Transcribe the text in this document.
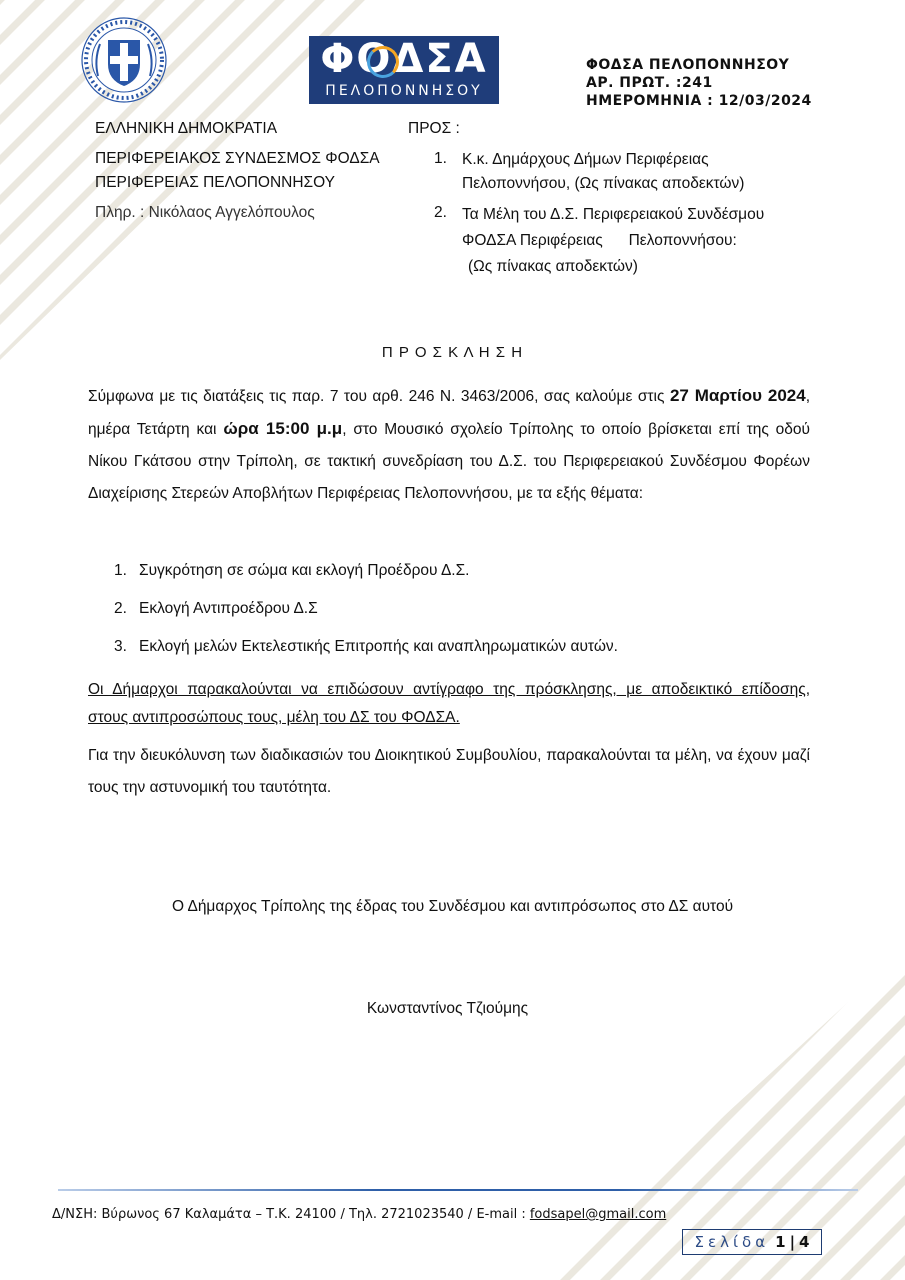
ΦΟΔΣΑ
ΠΕΛΟΠΟΝΝΗΣΟΥ
ΦΟΔΣΑ ΠΕΛΟΠΟΝΝΗΣΟΥ
ΑΡ. ΠΡΩΤ. :241
ΗΜΕΡΟΜΗΝΙΑ : 12/03/2024
ΕΛΛΗΝΙΚΗ ΔΗΜΟΚΡΑΤΙΑ
ΠΕΡΙΦΕΡΕΙΑΚΟΣ ΣΥΝΔΕΣΜΟΣ ΦΟΔΣΑ
ΠΕΡΙΦΕΡΕΙΑΣ ΠΕΛΟΠΟΝΝΗΣΟΥ
Πληρ. : Νικόλαος Αγγελόπουλος
ΠΡΟΣ :
1. Κ.κ. Δημάρχους Δήμων Περιφέρειας
Πελοποννήσου, (Ως πίνακας αποδεκτών)
2. Τα Μέλη του Δ.Σ. Περιφερειακού Συνδέσμου
ΦΟΔΣΑ Περιφέρειας      Πελοποννήσου:
(Ως πίνακας αποδεκτών)
Π Ρ Ο Σ Κ Λ Η Σ Η
Σύμφωνα με τις διατάξεις τις παρ. 7 του αρθ. 246 Ν. 3463/2006, σας καλούμε στις 27 Μαρτίου 2024, ημέρα Τετάρτη και ώρα 15:00 μ.μ, στο Μουσικό σχολείο Τρίπολης το οποίο βρίσκεται επί της οδού Νίκου Γκάτσου στην Τρίπολη, σε τακτική συνεδρίαση του Δ.Σ. του Περιφερειακού Συνδέσμου Φορέων Διαχείρισης Στερεών Αποβλήτων Περιφέρειας Πελοποννήσου, με τα εξής θέματα:
1. Συγκρότηση σε σώμα και εκλογή Προέδρου Δ.Σ.
2. Εκλογή Αντιπροέδρου Δ.Σ
3. Εκλογή μελών Εκτελεστικής Επιτροπής και αναπληρωματικών αυτών.
Οι Δήμαρχοι παρακαλούνται να επιδώσουν αντίγραφο της πρόσκλησης, με αποδεικτικό επίδοσης,
στους αντιπροσώπους τους, μέλη του ΔΣ του ΦΟΔΣΑ.
Για την διευκόλυνση των διαδικασιών του Διοικητικού Συμβουλίου, παρακαλούνται τα μέλη, να έχουν μαζί τους την αστυνομική του ταυτότητα.
Ο Δήμαρχος Τρίπολης της έδρας του Συνδέσμου και αντιπρόσωπος στο ΔΣ αυτού
Κωνσταντίνος Τζιούμης
Δ/ΝΣΗ: Βύρωνος 67 Καλαμάτα – Τ.Κ. 24100 / Τηλ. 2721023540 / E-mail : fodsapel@gmail.com
Σελίδα 1 | 4
